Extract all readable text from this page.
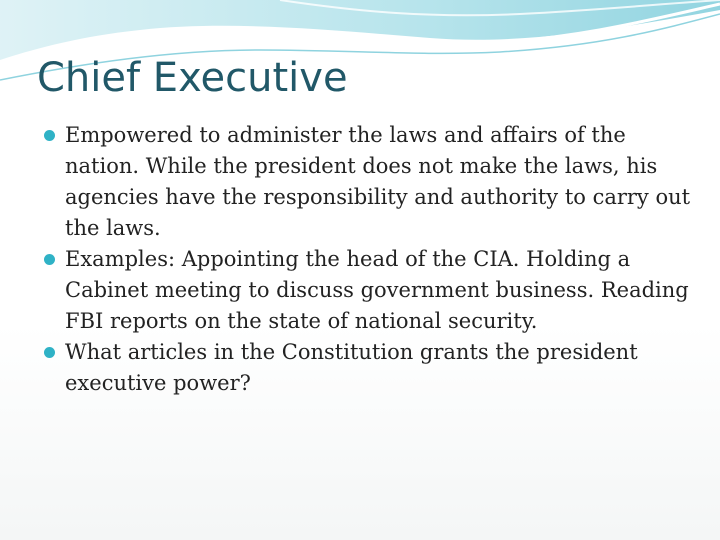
Chief Executive
Empowered to administer the laws and affairs of the nation. While the president does not make the laws, his agencies have the responsibility and authority to carry out the laws.
Examples: Appointing the head of the CIA. Holding a Cabinet meeting to discuss government business. Reading FBI reports on the state of national security.
What articles in the Constitution grants the president executive power?
